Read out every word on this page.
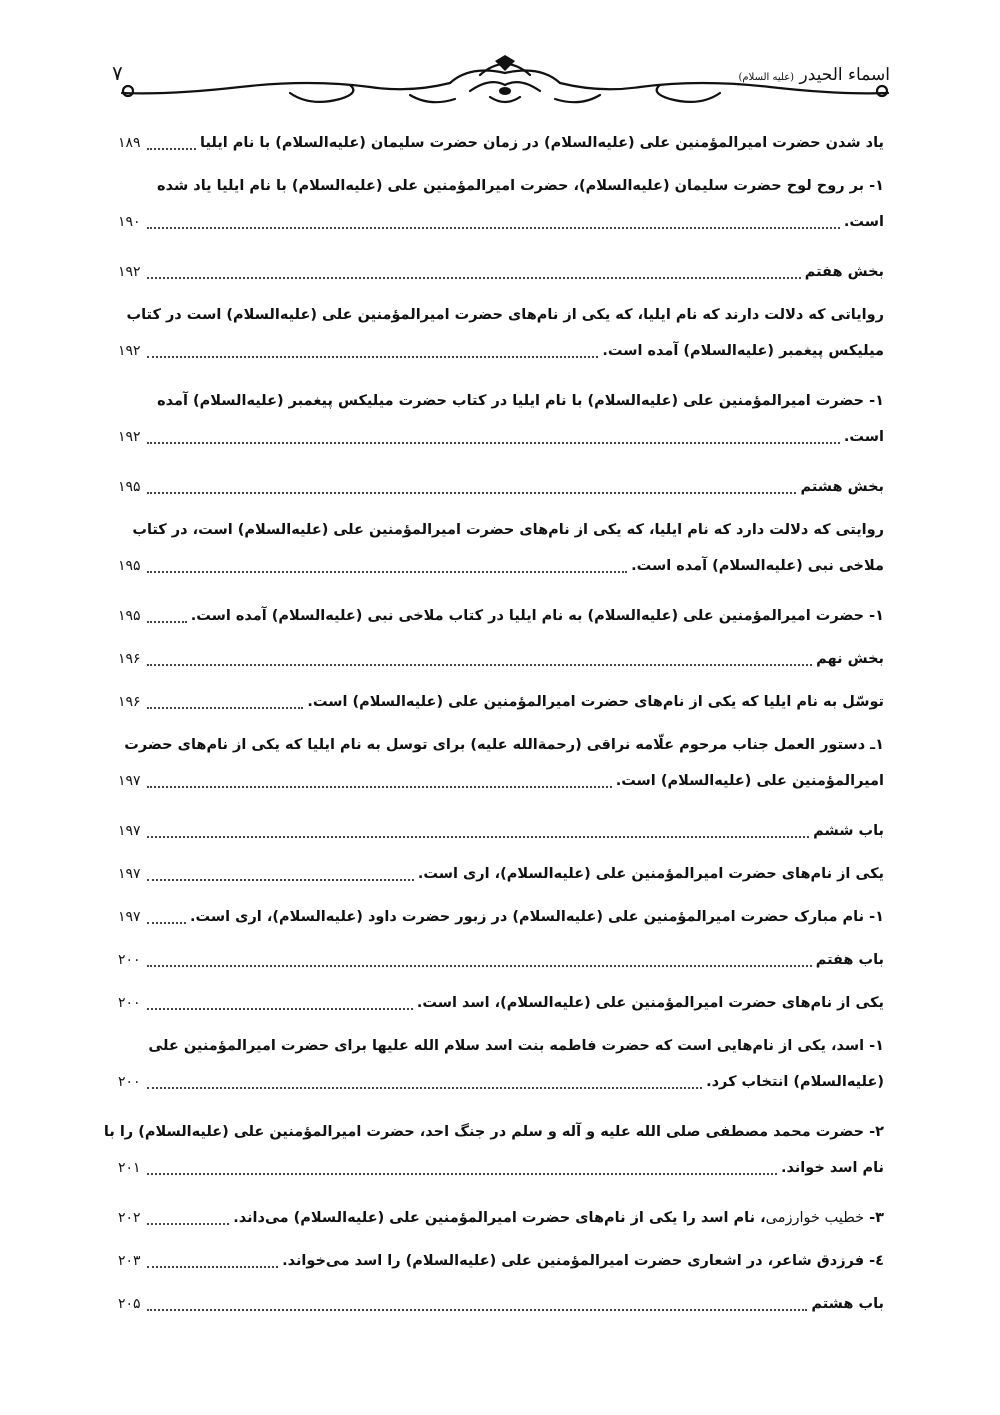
۷	اسماء الحیدر (علیه السلام)
یاد شدن حضرت امیرالمؤمنین علی (علیه‌السلام) در زمان حضرت سلیمان (علیه‌السلام) با نام ایلیا
۱۸۹
۱- بر روح لوح حضرت سلیمان (علیه‌السلام)، حضرت امیرالمؤمنین علی (علیه‌السلام) با نام ایلیا یاد شده
است.
۱۹۰
بخش هفتم
۱۹۲
روایاتی که دلالت دارند که نام ایلیا، که یکی از نام‌های حضرت امیرالمؤمنین علی (علیه‌السلام) است در کتاب
میلیکس پیغمبر (علیه‌السلام) آمده است.
۱۹۲
۱- حضرت امیرالمؤمنین علی (علیه‌السلام) با نام ایلیا در کتاب حضرت میلیکس پیغمبر (علیه‌السلام) آمده
است.
۱۹۲
بخش هشتم
۱۹۵
روایتی که دلالت دارد که نام ایلیا، که یکی از نام‌های حضرت امیرالمؤمنین علی (علیه‌السلام) است، در کتاب
ملاخی نبی (علیه‌السلام) آمده است.
۱۹۵
۱- حضرت امیرالمؤمنین علی (علیه‌السلام) به نام ایلیا در کتاب ملاخی نبی (علیه‌السلام) آمده است.
۱۹۵
بخش نهم
۱۹۶
توسّل به نام ایلیا که یکی از نام‌های حضرت امیرالمؤمنین علی (علیه‌السلام) است.
۱۹۶
۱ـ دستور العمل جناب مرحوم علّامه نراقی (رحمةالله علیه) برای توسل به نام ایلیا که یکی از نام‌های حضرت
امیرالمؤمنین علی (علیه‌السلام) است.
۱۹۷
باب ششم
۱۹۷
یکی از نام‌های حضرت امیرالمؤمنین علی (علیه‌السلام)، اری است.
۱۹۷
۱- نام مبارک حضرت امیرالمؤمنین علی (علیه‌السلام) در زبور حضرت داود (علیه‌السلام)، اری است.
۱۹۷
باب هفتم
۲۰۰
یکی از نام‌های حضرت امیرالمؤمنین علی (علیه‌السلام)، اسد است.
۲۰۰
۱- اسد، یکی از نام‌هایی است که حضرت فاطمه بنت اسد سلام الله علیها برای حضرت امیرالمؤمنین علی
(علیه‌السلام) انتخاب کرد.
۲۰۰
۲- حضرت محمد مصطفی صلی الله علیه و آله و سلم در جنگ احد، حضرت امیرالمؤمنین علی (علیه‌السلام) را با
نام اسد خواند.
۲۰۱
۳- خطیب خوارزمی، نام اسد را یکی از نام‌های حضرت امیرالمؤمنین علی (علیه‌السلام) می‌داند.
۲۰۲
٤- فرزدق شاعر، در اشعاری حضرت امیرالمؤمنین علی (علیه‌السلام) را اسد می‌خواند.
۲۰۳
باب هشتم
۲۰۵
